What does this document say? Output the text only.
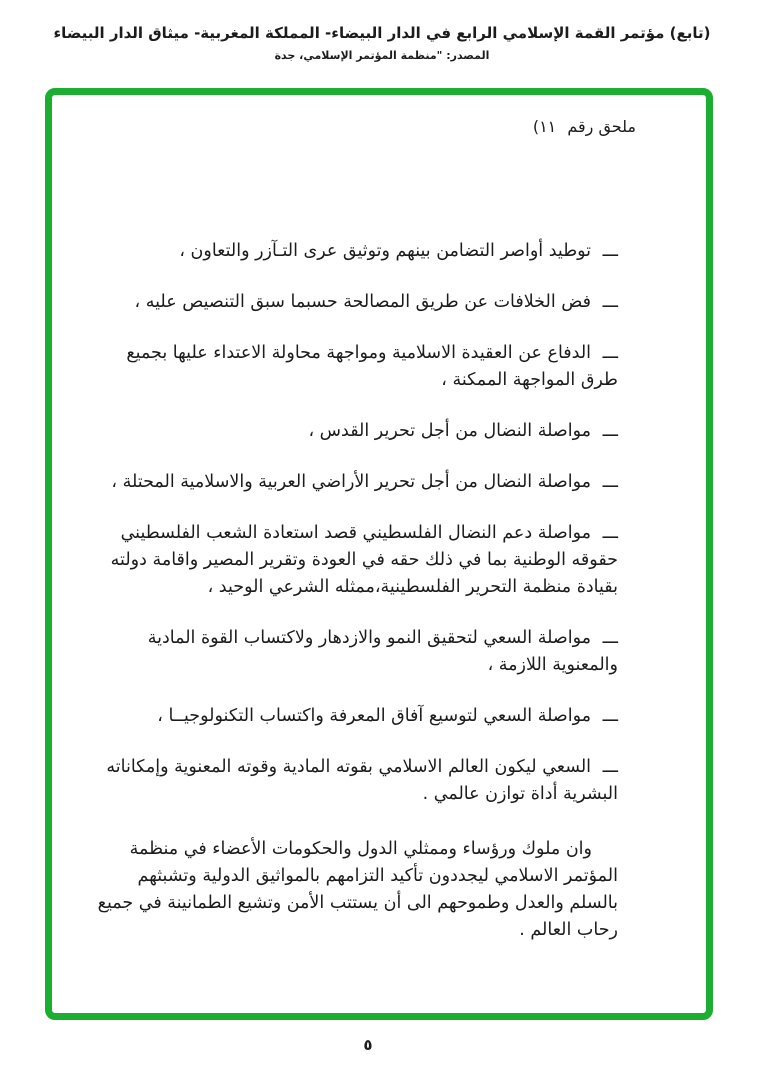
(تابع) مؤتمر القمة الإسلامي الرابع في الدار البيضاء- المملكة المغربية- ميثاق الدار البيضاء
المصدر: "منظمة المؤتمر الإسلامي، جدة
ملحق رقم (١١

ـــ توطيد أواصر التضامن بينهم وتوثيق عرى التـآزر والتعاون ،

ـــ فض الخلافات عن طريق المصالحة حسبما سبق التنصيص عليه ،

ـــ الدفاع عن العقيدة الاسلامية ومواجهة محاولة الاعتداء عليها بجميع طرق المواجهة الممكنة ،

ـــ مواصلة النضال من أجل تحرير القدس ،

ـــ مواصلة النضال من أجل تحرير الأراضي العربية والاسلامية المحتلة ،

ـــ مواصلة دعم النضال الفلسطيني قصد استعادة الشعب الفلسطيني حقوقه الوطنية بما في ذلك حقه في العودة وتقرير المصير واقامة دولته بقيادة منظمة التحرير الفلسطينية،ممثله الشرعي الوحيد ،

ـــ مواصلة السعي لتحقيق النمو والازدهار ولاكتساب القوة المادية والمعنوية اللازمة ،

ـــ مواصلة السعي لتوسيع آفاق المعرفة واكتساب التكنولوجيــا ،

ـــ السعي ليكون العالم الاسلامي بقوته المادية وقوته المعنوية وإمكاناته البشرية أداة توازن عالمي .

وان ملوك ورؤساء وممثلي الدول والحكومات الأعضاء في منظمة المؤتمر الاسلامي ليجددون تأكيد التزامهم بالمواثيق الدولية وتشبثهم بالسلم والعدل وطموحهم الى أن يستتب الأمن وتشيع الطمانينة في جميع رحاب العالم .

٥
